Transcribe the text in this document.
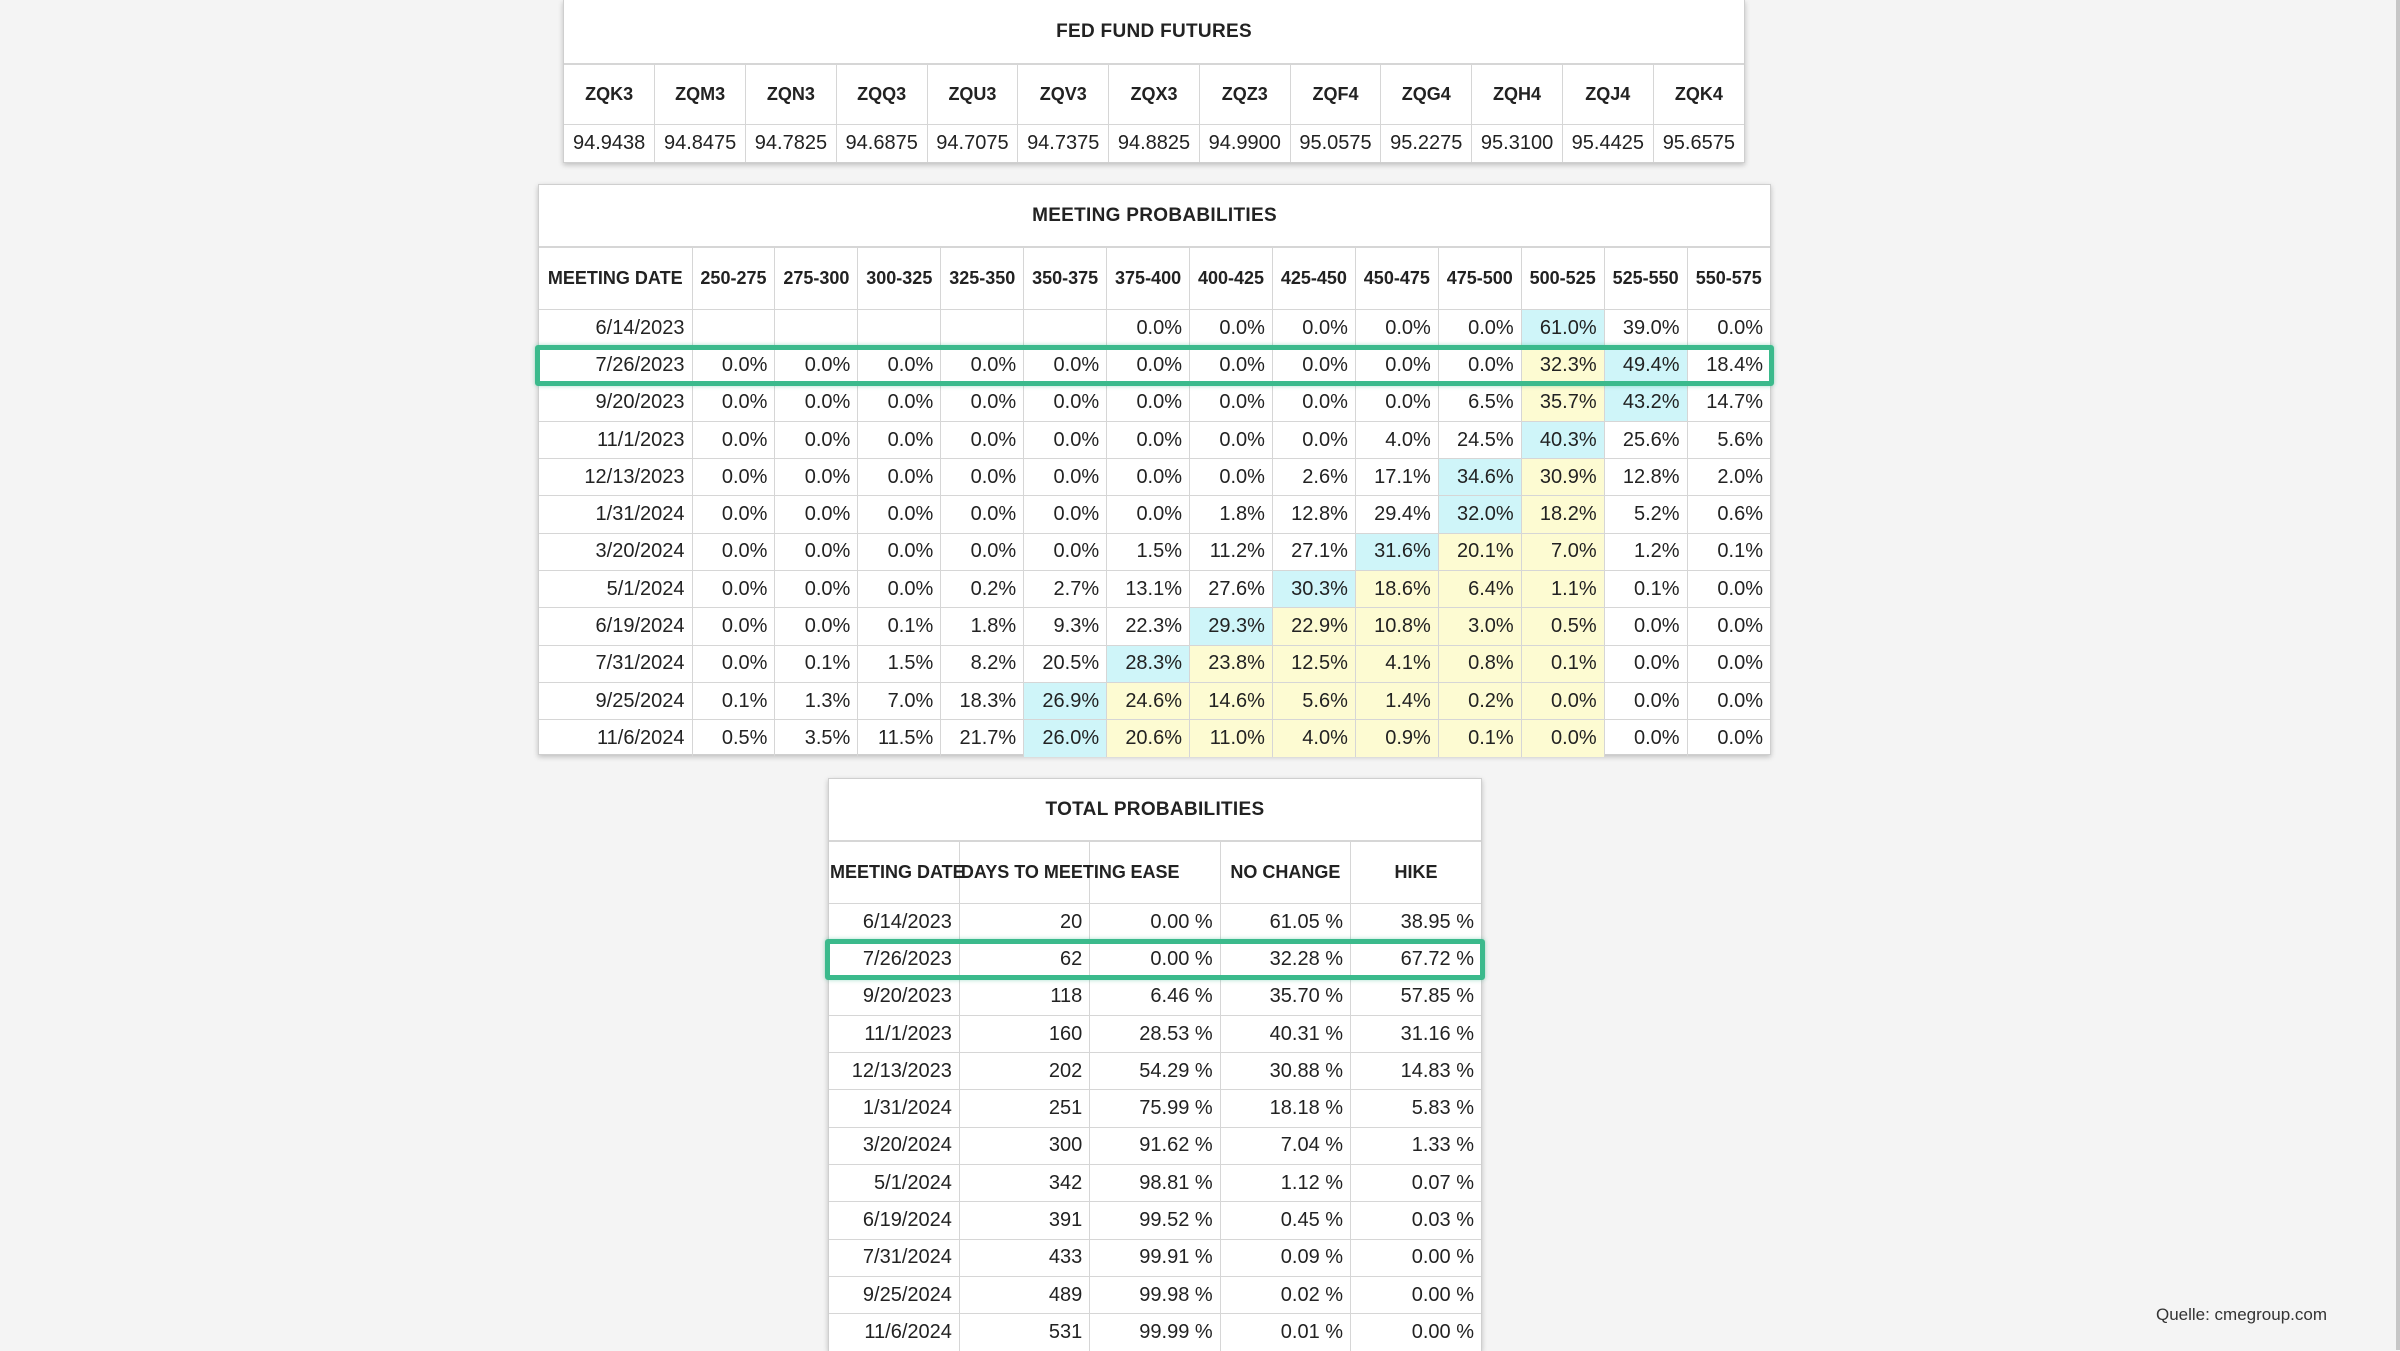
FED FUND FUTURES
ZQK3	ZQM3	ZQN3	ZQQ3	ZQU3	ZQV3	ZQX3	ZQZ3	ZQF4	ZQG4	ZQH4	ZQJ4	ZQK4
94.9438	94.8475	94.7825	94.6875	94.7075	94.7375	94.8825	94.9900	95.0575	95.2275	95.3100	95.4425	95.6575
MEETING PROBABILITIES
MEETING DATE	250-275	275-300	300-325	325-350	350-375	375-400	400-425	425-450	450-475	475-500	500-525	525-550	550-575
6/14/2023						0.0%	0.0%	0.0%	0.0%	0.0%	61.0%	39.0%	0.0%
7/26/2023	0.0%	0.0%	0.0%	0.0%	0.0%	0.0%	0.0%	0.0%	0.0%	0.0%	32.3%	49.4%	18.4%
9/20/2023	0.0%	0.0%	0.0%	0.0%	0.0%	0.0%	0.0%	0.0%	0.0%	6.5%	35.7%	43.2%	14.7%
11/1/2023	0.0%	0.0%	0.0%	0.0%	0.0%	0.0%	0.0%	0.0%	4.0%	24.5%	40.3%	25.6%	5.6%
12/13/2023	0.0%	0.0%	0.0%	0.0%	0.0%	0.0%	0.0%	2.6%	17.1%	34.6%	30.9%	12.8%	2.0%
1/31/2024	0.0%	0.0%	0.0%	0.0%	0.0%	0.0%	1.8%	12.8%	29.4%	32.0%	18.2%	5.2%	0.6%
3/20/2024	0.0%	0.0%	0.0%	0.0%	0.0%	1.5%	11.2%	27.1%	31.6%	20.1%	7.0%	1.2%	0.1%
5/1/2024	0.0%	0.0%	0.0%	0.2%	2.7%	13.1%	27.6%	30.3%	18.6%	6.4%	1.1%	0.1%	0.0%
6/19/2024	0.0%	0.0%	0.1%	1.8%	9.3%	22.3%	29.3%	22.9%	10.8%	3.0%	0.5%	0.0%	0.0%
7/31/2024	0.0%	0.1%	1.5%	8.2%	20.5%	28.3%	23.8%	12.5%	4.1%	0.8%	0.1%	0.0%	0.0%
9/25/2024	0.1%	1.3%	7.0%	18.3%	26.9%	24.6%	14.6%	5.6%	1.4%	0.2%	0.0%	0.0%	0.0%
11/6/2024	0.5%	3.5%	11.5%	21.7%	26.0%	20.6%	11.0%	4.0%	0.9%	0.1%	0.0%	0.0%	0.0%
TOTAL PROBABILITIES
MEETING DATE	DAYS TO MEETING	EASE	NO CHANGE	HIKE
6/14/2023	20	0.00 %	61.05 %	38.95 %
7/26/2023	62	0.00 %	32.28 %	67.72 %
9/20/2023	118	6.46 %	35.70 %	57.85 %
11/1/2023	160	28.53 %	40.31 %	31.16 %
12/13/2023	202	54.29 %	30.88 %	14.83 %
1/31/2024	251	75.99 %	18.18 %	5.83 %
3/20/2024	300	91.62 %	7.04 %	1.33 %
5/1/2024	342	98.81 %	1.12 %	0.07 %
6/19/2024	391	99.52 %	0.45 %	0.03 %
7/31/2024	433	99.91 %	0.09 %	0.00 %
9/25/2024	489	99.98 %	0.02 %	0.00 %
11/6/2024	531	99.99 %	0.01 %	0.00 %
Quelle: cmegroup.com
